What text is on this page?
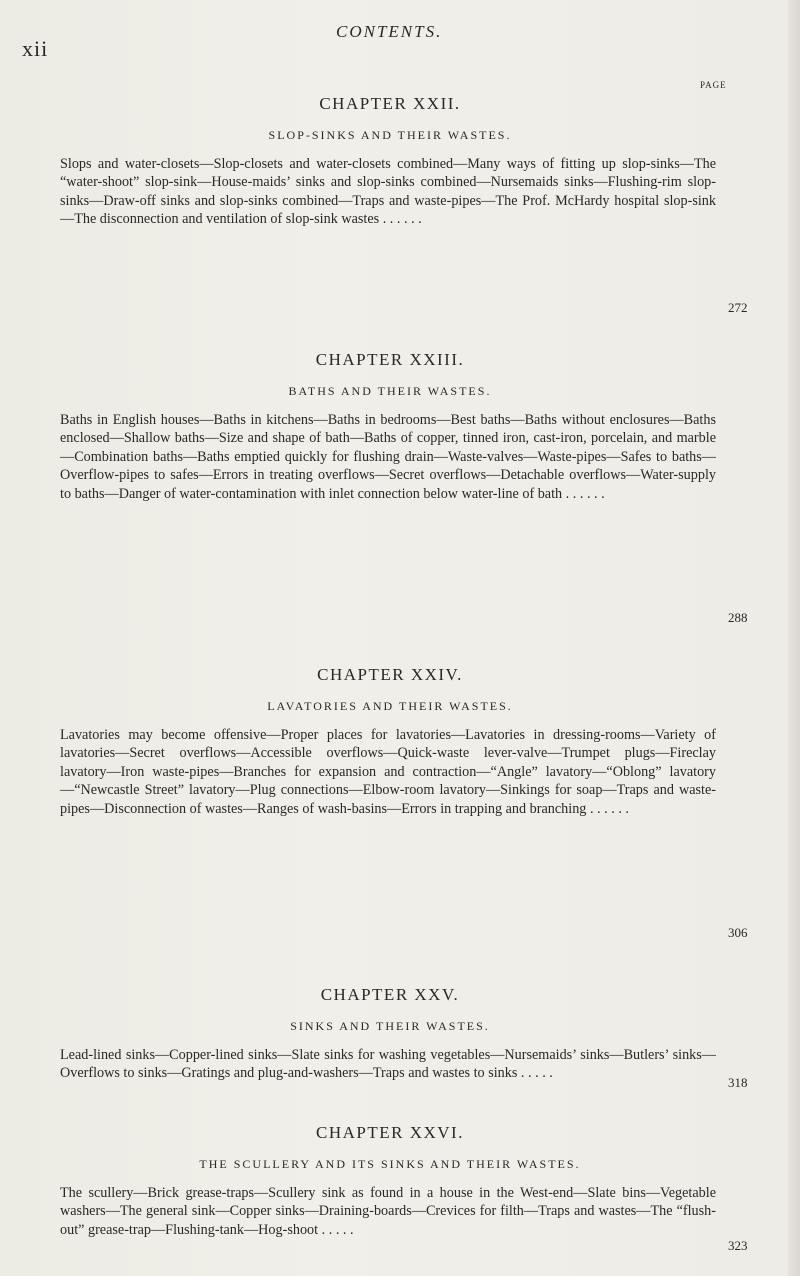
xii
CONTENTS.
PAGE

CHAPTER XXII.

SLOP-SINKS AND THEIR WASTES.

Slops and water-closets—Slop-closets and water-closets combined—Many ways of fitting up slop-sinks—The “water-shoot” slop-sink—House-maids’ sinks and slop-sinks combined—Nursemaids sinks—Flushing-rim slop-sinks—Draw-off sinks and slop-sinks combined—Traps and waste-pipes—The Prof. McHardy hospital slop-sink—The disconnection and ventilation of slop-sink wastes . . . . . .

272

CHAPTER XXIII.

BATHS AND THEIR WASTES.

Baths in English houses—Baths in kitchens—Baths in bedrooms—Best baths—Baths without enclosures—Baths enclosed—Shallow baths—Size and shape of bath—Baths of copper, tinned iron, cast-iron, porcelain, and marble—Combination baths—Baths emptied quickly for flushing drain—Waste-valves—Waste-pipes—Safes to baths—Overflow-pipes to safes—Errors in treating overflows—Secret overflows—Detachable overflows—Water-supply to baths—Danger of water-contamination with inlet connection below water-line of bath . . . . . .

288

CHAPTER XXIV.

LAVATORIES AND THEIR WASTES.

Lavatories may become offensive—Proper places for lavatories—Lavatories in dressing-rooms—Variety of lavatories—Secret overflows—Accessible overflows—Quick-waste lever-valve—Trumpet plugs—Fireclay lavatory—Iron waste-pipes—Branches for expansion and contraction—“Angle” lavatory—“Oblong” lavatory—“Newcastle Street” lavatory—Plug connections—Elbow-room lavatory—Sinkings for soap—Traps and waste-pipes—Disconnection of wastes—Ranges of wash-basins—Errors in trapping and branching . . . . . .

306

CHAPTER XXV.

SINKS AND THEIR WASTES.

Lead-lined sinks—Copper-lined sinks—Slate sinks for washing vegetables—Nursemaids’ sinks—Butlers’ sinks—Overflows to sinks—Gratings and plug-and-washers—Traps and wastes to sinks . . . . .

318

CHAPTER XXVI.

THE SCULLERY AND ITS SINKS AND THEIR WASTES.

The scullery—Brick grease-traps—Scullery sink as found in a house in the West-end—Slate bins—Vegetable washers—The general sink—Copper sinks—Draining-boards—Crevices for filth—Traps and wastes—The “flush-out” grease-trap—Flushing-tank—Hog-shoot . . . . .

323
